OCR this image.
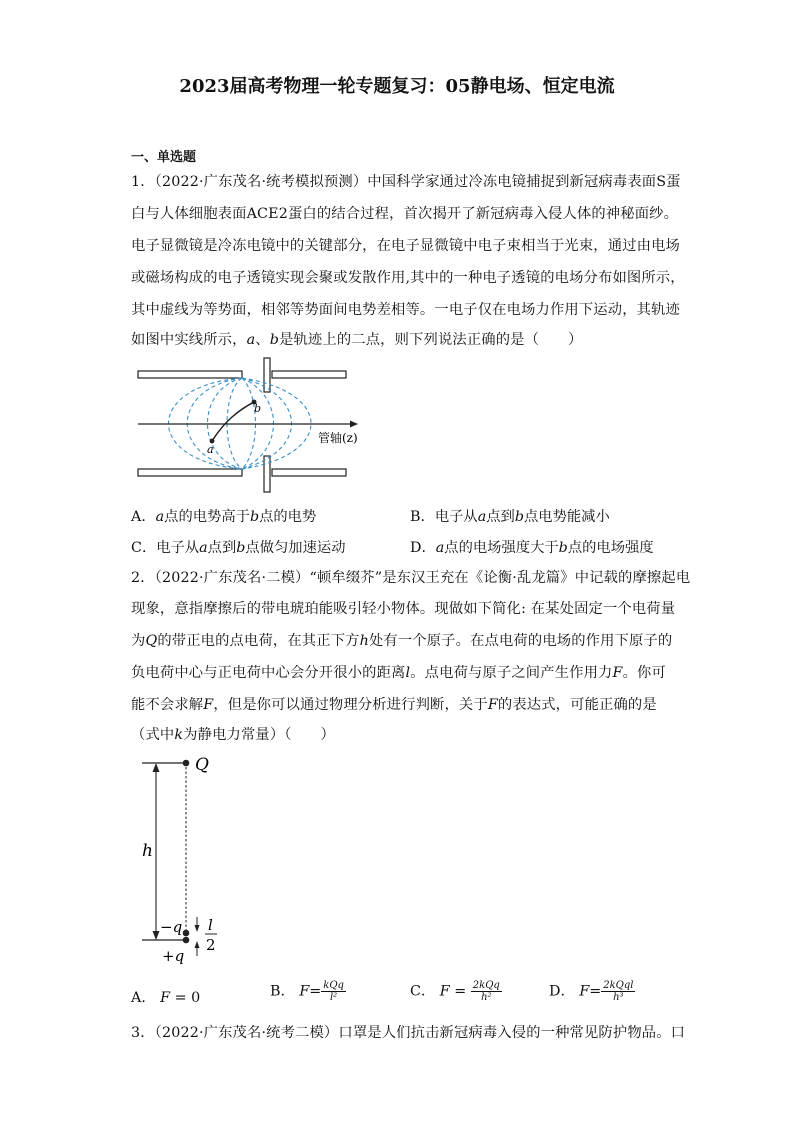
2023届高考物理一轮专题复习：05静电场、恒定电流
一、单选题
1．（2022·广东茂名·统考模拟预测）中国科学家通过冷冻电镜捕捉到新冠病毒表面S蛋
白与人体细胞表面ACE2蛋白的结合过程，首次揭开了新冠病毒入侵人体的神秘面纱。
电子显微镜是冷冻电镜中的关键部分，在电子显微镜中电子束相当于光束，通过由电场
或磁场构成的电子透镜实现会聚或发散作用,其中的一种电子透镜的电场分布如图所示，
其中虚线为等势面，相邻等势面间电势差相等。一电子仅在电场力作用下运动，其轨迹
如图中实线所示，a、b是轨迹上的二点，则下列说法正确的是（　　）
a
b
管轴(z)
A．a点的电势高于b点的电势	B．电子从a点到b点电势能减小
C．电子从a点到b点做匀加速运动	D．a点的电场强度大于b点的电场强度
2．（2022·广东茂名·二模）“顿牟缀芥”是东汉王充在《论衡·乱龙篇》中记载的摩擦起电
现象，意指摩擦后的带电琥珀能吸引轻小物体。现做如下简化: 在某处固定一个电荷量
为Q的带正电的点电荷，在其正下方h处有一个原子。在点电荷的电场的作用下原子的
负电荷中心与正电荷中心会分开很小的距离l。点电荷与原子之间产生作用力F。你可
能不会求解F，但是你可以通过物理分析进行判断，关于F的表达式，可能正确的是
（式中k为静电力常量）（　　）
h
Q
−q
+q
l
2
A． F = 0	B． $F= \frac{\text{kQq}}{\text{l²}}$	C． $F = \frac{\text{2kQq}}{\text{h²}}$	D． $F= \frac{\text{2kQql}}{\text{h³}}$
3．（2022·广东茂名·统考二模）口罩是人们抗击新冠病毒入侵的一种常见防护物品。口
